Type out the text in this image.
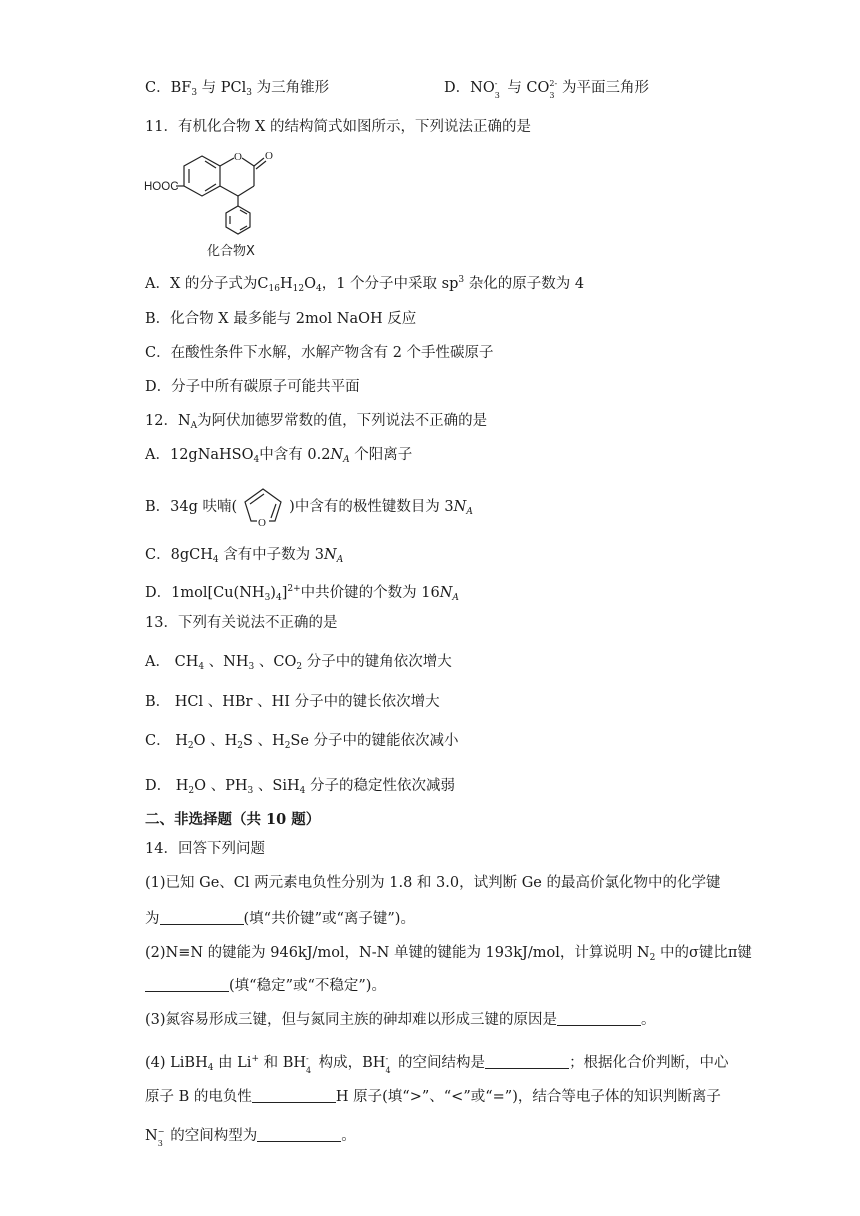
C．$BF_3$ 与 PCl$_3$ 为三角锥形	D．NO -
3 与 CO 2-
3 为平面三角形
11．有机化合物 X 的结构简式如图所示，下列说法正确的是
O O
HOOC
化合物X
A．X 的分子式为$C_{16}H_{12}O_4$，1 个分子中采取 $sp^3$ 杂化的原子数为 4
B．化合物 X 最多能与 2mol NaOH 反应
C．在酸性条件下水解，水解产物含有 2 个手性碳原子
D．分子中所有碳原子可能共平面
12．$N_A$为阿伏加德罗常数的值，下列说法不正确的是
A．12gNaHSO$_4$中含有 $0.2N_A$ 个阳离子
B．34g 呋喃(
O
)中含有的极性键数目为 $3N_A$
C．8gCH$_4$ 含有中子数为 $3N_A$
D．$1mol[Cu(NH_3)_4]^{2+}$中共价键的个数为 $16N_A$
13．下列有关说法不正确的是
A． $CH_4$ 、$NH_3$ 、$CO_2$ 分子中的键角依次增大
B． HCl 、HBr 、HI 分子中的键长依次增大
C． $H_2O$ 、$H_2S$ 、$H_2Se$ 分子中的键能依次减小
D． $H_2O$ 、$PH_3$ 、SiH$_4$ 分子的稳定性依次减弱
二、非选择题（共 10 题）
14．回答下列问题
(1)已知 Ge、Cl 两元素电负性分别为 1.8 和 3.0，试判断 Ge 的最高价氯化物中的化学键
为	(填“共价键”或“离子键”)。
(2)N≡N 的键能为 946kJ/mol，N-N 单键的键能为 193kJ/mol，计算说明 $N_2$ 中的σ键比π键
(填“稳定”或“不稳定”)。
(3)氮容易形成三键，但与氮同主族的砷却难以形成三键的原因是	。
(4) LiBH$_4$ 由 Li+ 和 BH -
4 构成，BH -
4 的空间结构是	；根据化合价判断，中心
原子 B 的电负性	H 原子(填“>”、“<”或“=”)，结合等电子体的知识判断离子
N −
3 的空间构型为	。
